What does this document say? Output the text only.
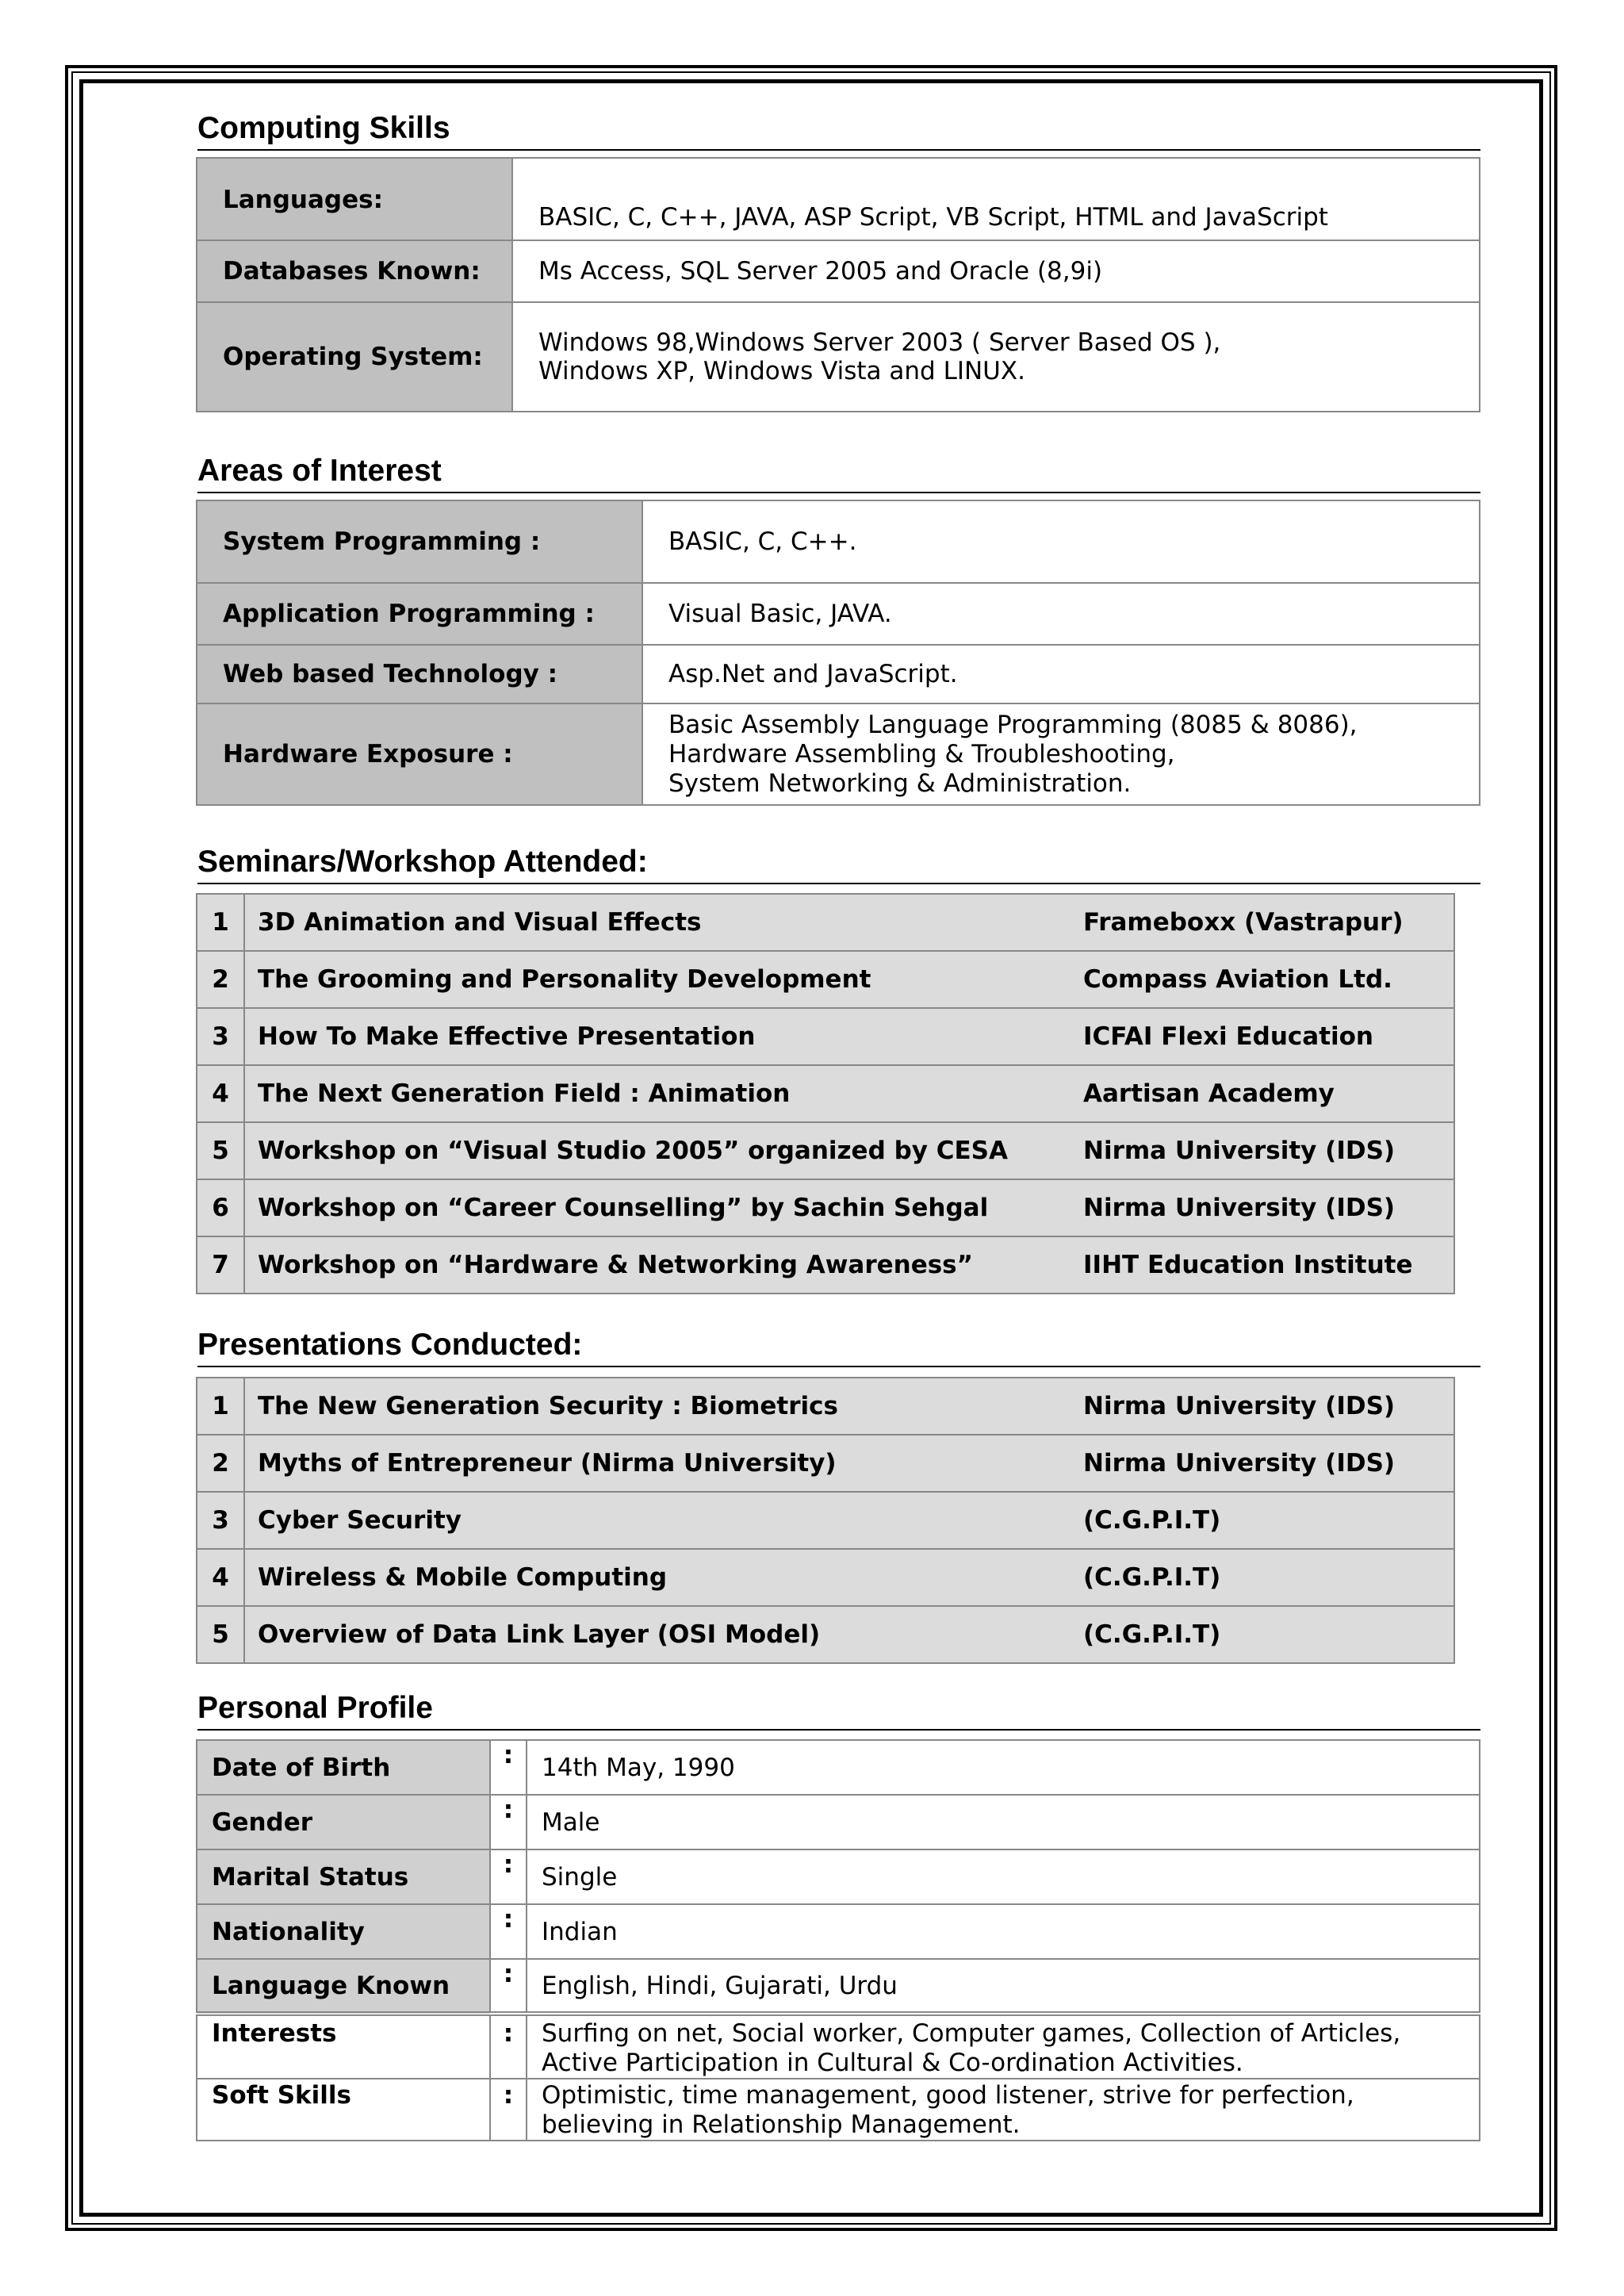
Computing Skills
Languages:	BASIC, C, C++, JAVA, ASP Script, VB Script, HTML and JavaScript
Databases Known:	Ms Access, SQL Server 2005 and Oracle (8,9i)
Operating System:	Windows 98,Windows Server 2003 ( Server Based OS ),
Windows XP, Windows Vista and LINUX.
Areas of Interest
System Programming :	BASIC, C, C++.
Application Programming :	Visual Basic, JAVA.
Web based Technology :	Asp.Net and JavaScript.
Hardware Exposure :	Basic Assembly Language Programming (8085 & 8086),
Hardware Assembling & Troubleshooting,
System Networking & Administration.
Seminars/Workshop Attended:
1	3D Animation and Visual Effects	Frameboxx (Vastrapur)
2	The Grooming and Personality Development	Compass Aviation Ltd.
3	How To Make Effective Presentation	ICFAI Flexi Education
4	The Next Generation Field : Animation	Aartisan Academy
5	Workshop on “Visual Studio 2005” organized by CESA	Nirma University (IDS)
6	Workshop on “Career Counselling” by Sachin Sehgal	Nirma University (IDS)
7	Workshop on “Hardware & Networking Awareness”	IIHT Education Institute
Presentations Conducted:
1	The New Generation Security : Biometrics	Nirma University (IDS)
2	Myths of Entrepreneur (Nirma University)	Nirma University (IDS)
3	Cyber Security	(C.G.P.I.T)
4	Wireless & Mobile Computing	(C.G.P.I.T)
5	Overview of Data Link Layer (OSI Model)	(C.G.P.I.T)
Personal Profile
Date of Birth	:	14th May, 1990
Gender	:	Male
Marital Status	:	Single
Nationality	:	Indian
Language Known	:	English, Hindi, Gujarati, Urdu
Interests	:	Surfing on net, Social worker, Computer games, Collection of Articles,
Active Participation in Cultural & Co-ordination Activities.

Soft Skills	:	Optimistic, time management, good listener, strive for perfection,
believing in Relationship Management.
